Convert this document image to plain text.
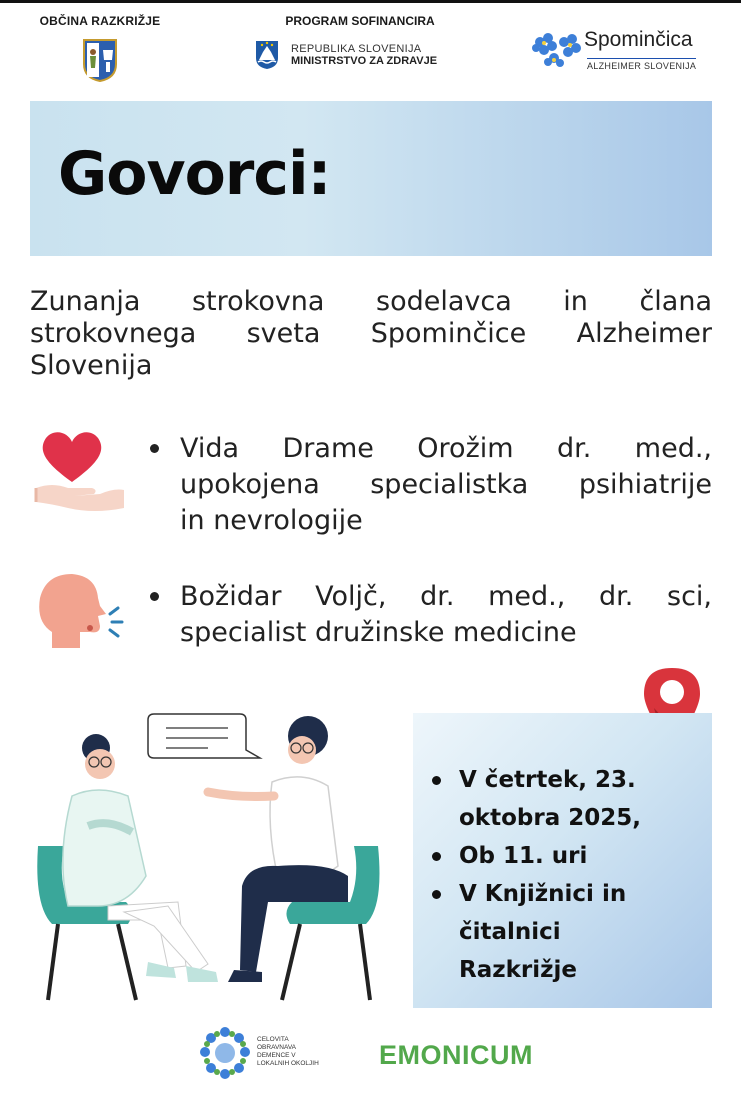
OBČINA RAZKRIŽJE	PROGRAM SOFINANCIRA
REPUBLIKA SLOVENIJA
MINISTRSTVO ZA ZDRAVJE
Spominčica
ALZHEIMER SLOVENIJA
Govorci:
Zunanja strokovna sodelavca in člana
strokovnega sveta Spominčice Alzheimer
Slovenija
Vida Drame Orožim dr. med.,
upokojena specialistka psihiatrije
in nevrologije
Božidar Voljč, dr. med., dr. sci,
specialist družinske medicine
V četrtek, 23.
oktobra 2025,
Ob 11. uri
V Knjižnici in
čitalnici
Razkrižje
CELOVITA
OBRAVNAVA
DEMENCE V
LOKALNIH OKOLJIH	EMONICUM
